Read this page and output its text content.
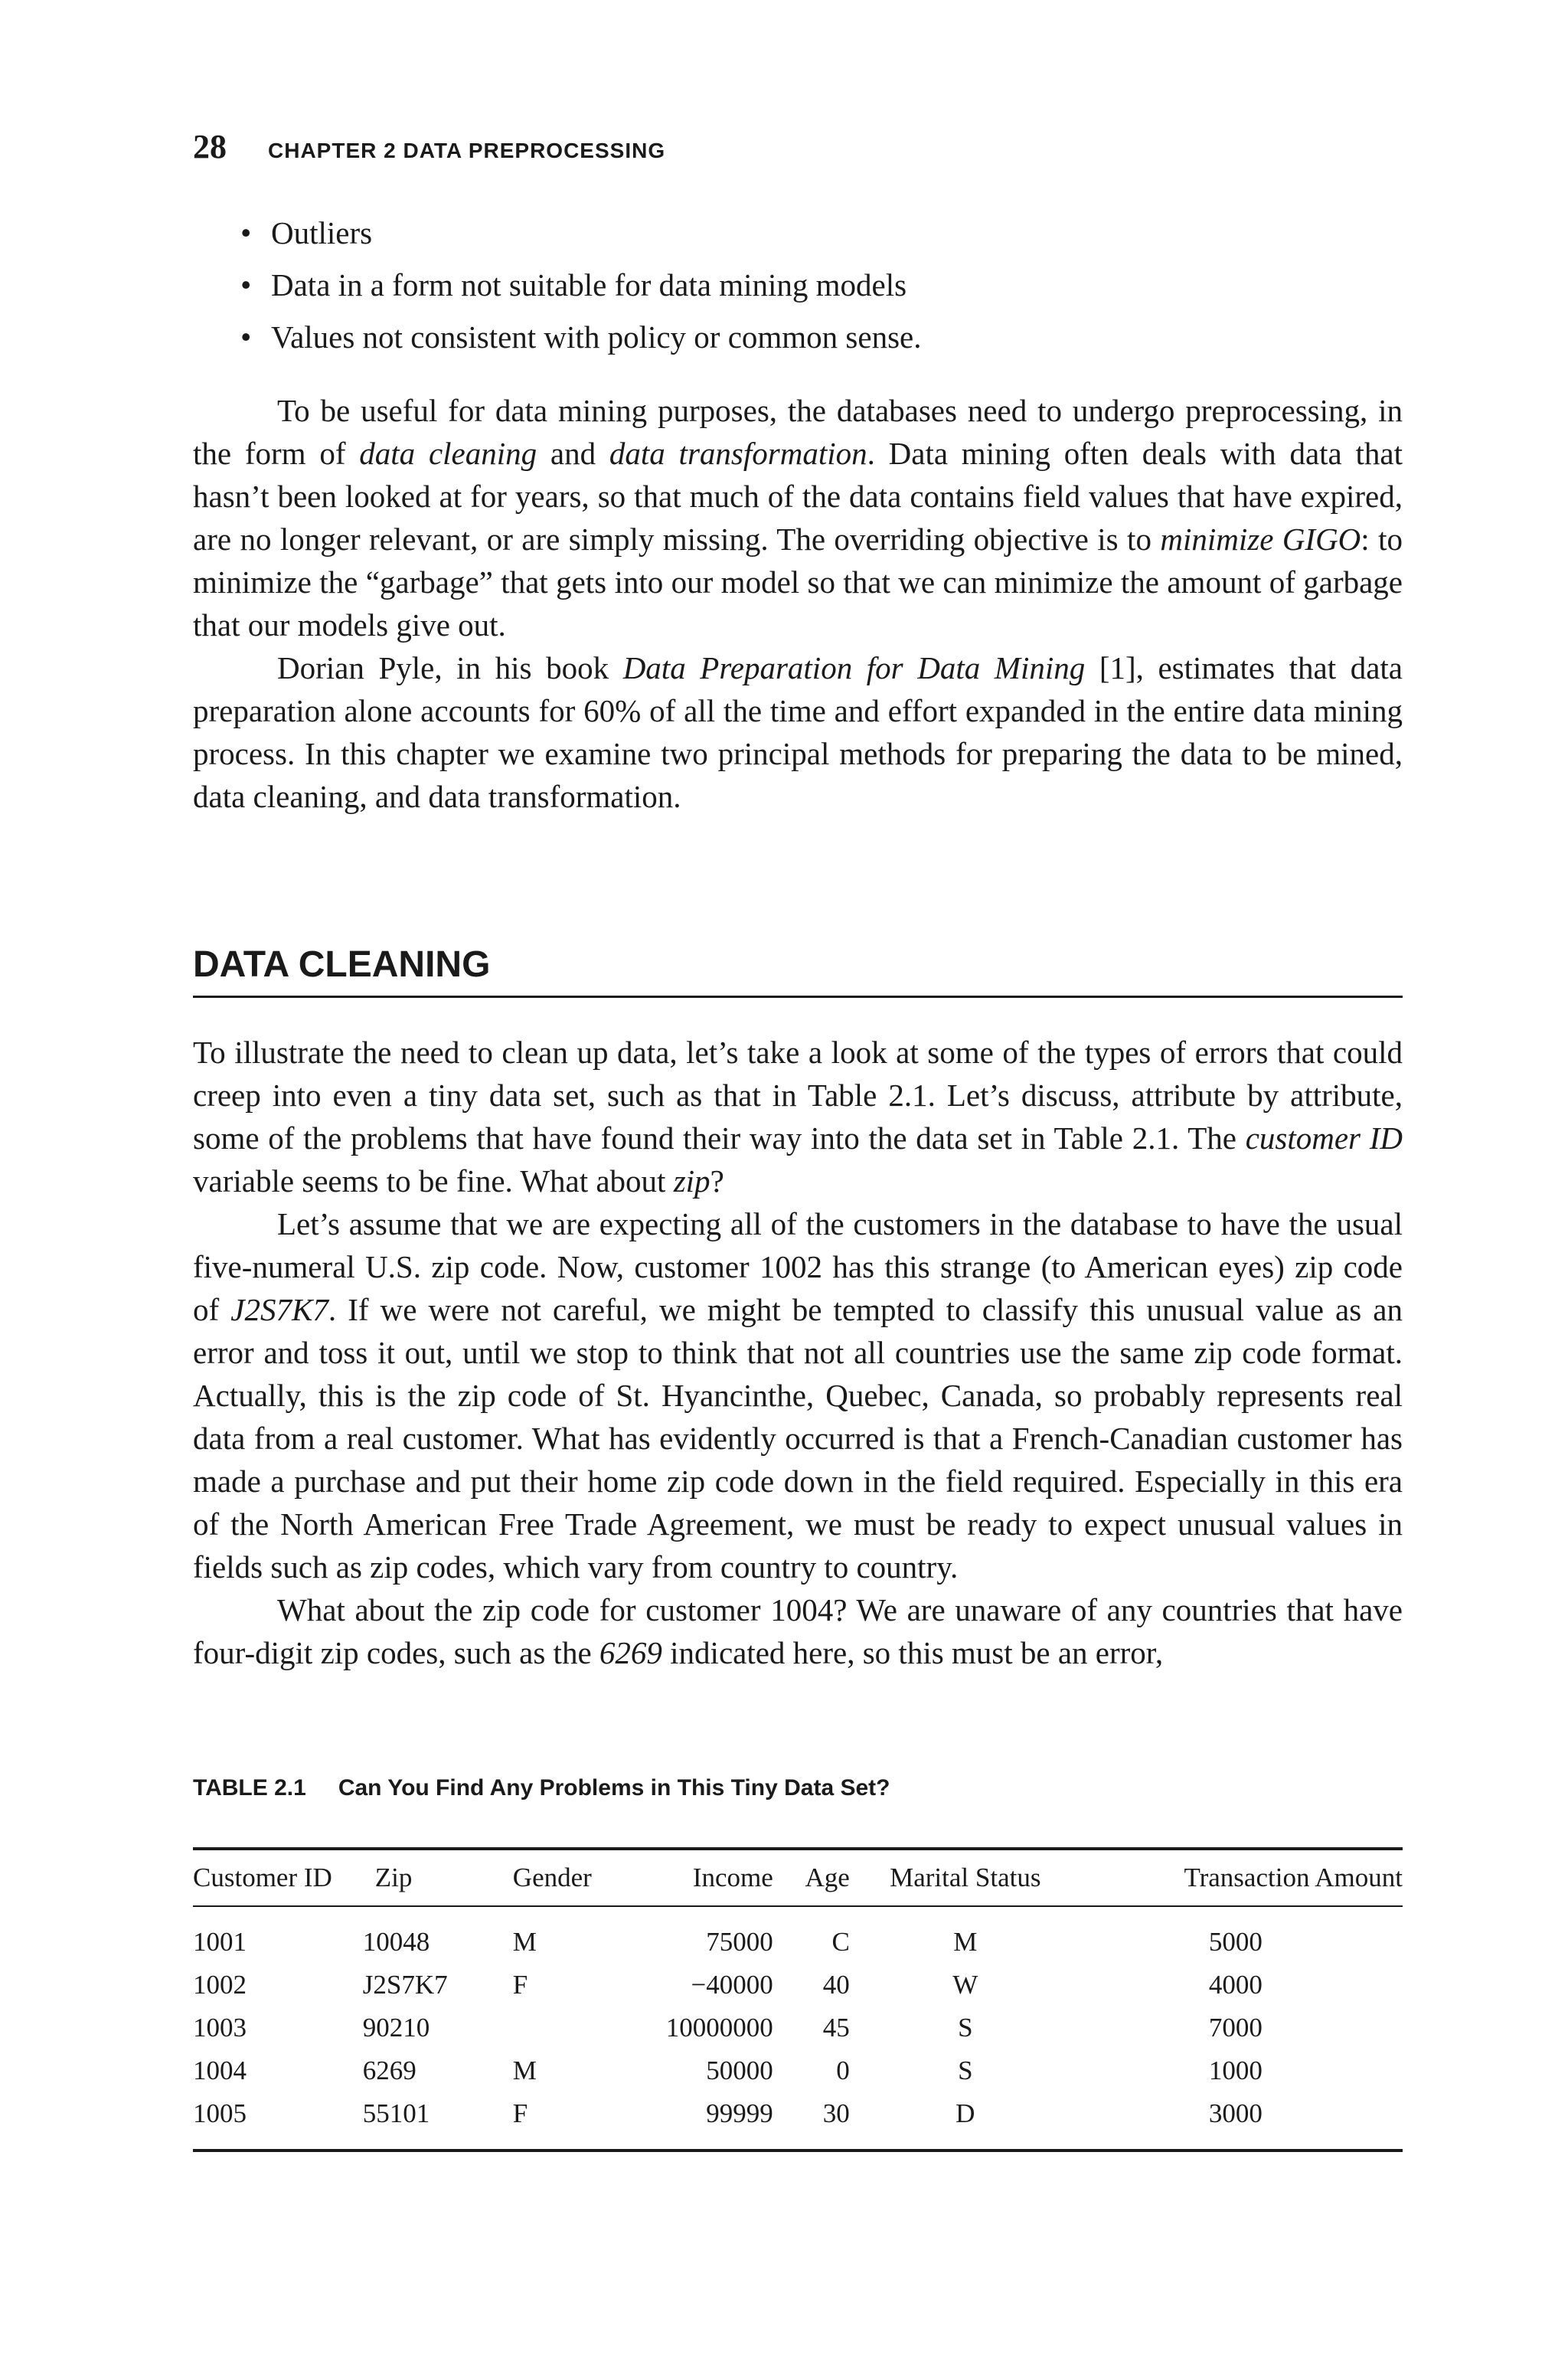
28 CHAPTER 2 DATA PREPROCESSING
• Outliers
• Data in a form not suitable for data mining models
• Values not consistent with policy or common sense.

To be useful for data mining purposes, the databases need to undergo preprocessing, in the form of data cleaning and data transformation. Data mining often deals with data that hasn’t been looked at for years, so that much of the data contains field values that have expired, are no longer relevant, or are simply missing. The overriding objective is to minimize GIGO: to minimize the “garbage” that gets into our model so that we can minimize the amount of garbage that our models give out.

Dorian Pyle, in his book Data Preparation for Data Mining [1], estimates that data preparation alone accounts for 60% of all the time and effort expanded in the entire data mining process. In this chapter we examine two principal methods for preparing the data to be mined, data cleaning, and data transformation.

DATA CLEANING

To illustrate the need to clean up data, let’s take a look at some of the types of errors that could creep into even a tiny data set, such as that in Table 2.1. Let’s discuss, attribute by attribute, some of the problems that have found their way into the data set in Table 2.1. The customer ID variable seems to be fine. What about zip?

Let’s assume that we are expecting all of the customers in the database to have the usual five-numeral U.S. zip code. Now, customer 1002 has this strange (to American eyes) zip code of J2S7K7. If we were not careful, we might be tempted to classify this unusual value as an error and toss it out, until we stop to think that not all countries use the same zip code format. Actually, this is the zip code of St. Hyancinthe, Quebec, Canada, so probably represents real data from a real customer. What has evidently occurred is that a French-Canadian customer has made a purchase and put their home zip code down in the field required. Especially in this era of the North American Free Trade Agreement, we must be ready to expect unusual values in fields such as zip codes, which vary from country to country.

What about the zip code for customer 1004? We are unaware of any countries that have four-digit zip codes, such as the 6269 indicated here, so this must be an error,

TABLE 2.1 Can You Find Any Problems in This Tiny Data Set?
Customer ID	Zip	Gender	Income	Age	Marital Status	Transaction Amount
1001	10048	M	75000	C	M	5000
1002	J2S7K7	F	−40000	40	W	4000
1003	90210		10000000	45	S	7000
1004	6269	M	50000	0	S	1000
1005	55101	F	99999	30	D	3000
